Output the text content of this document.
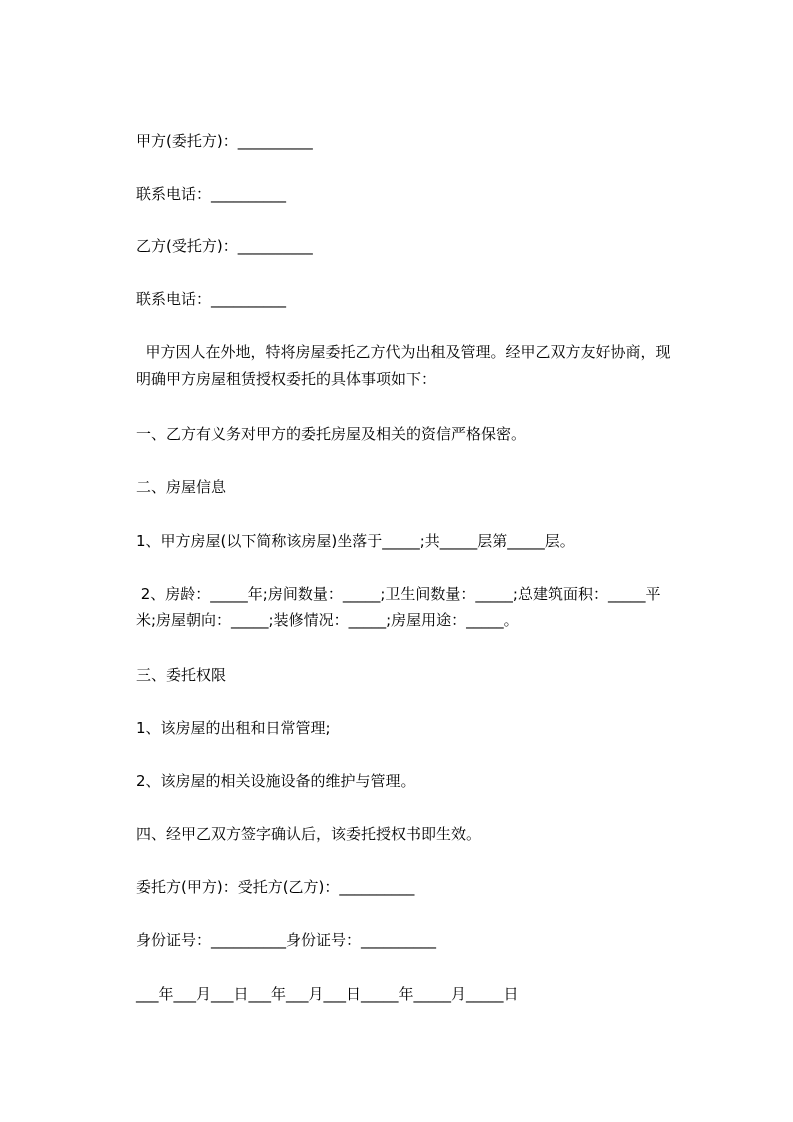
甲方(委托方)：__________
联系电话：__________
乙方(受托方)：__________
联系电话：__________
甲方因人在外地，特将房屋委托乙方代为出租及管理。经甲乙双方友好协商，现
明确甲方房屋租赁授权委托的具体事项如下：
一、乙方有义务对甲方的委托房屋及相关的资信严格保密。
二、房屋信息
1、甲方房屋(以下简称该房屋)坐落于_____;共_____层第_____层。
2、房龄：_____年;房间数量：_____;卫生间数量：_____;总建筑面积：_____平
米;房屋朝向：_____;装修情况：_____;房屋用途：_____。
三、委托权限
1、该房屋的出租和日常管理;
2、该房屋的相关设施设备的维护与管理。
四、经甲乙双方签字确认后，该委托授权书即生效。
委托方(甲方)：受托方(乙方)：__________
身份证号：__________身份证号：__________
___年___月___日___年___月___日_____年_____月_____日
